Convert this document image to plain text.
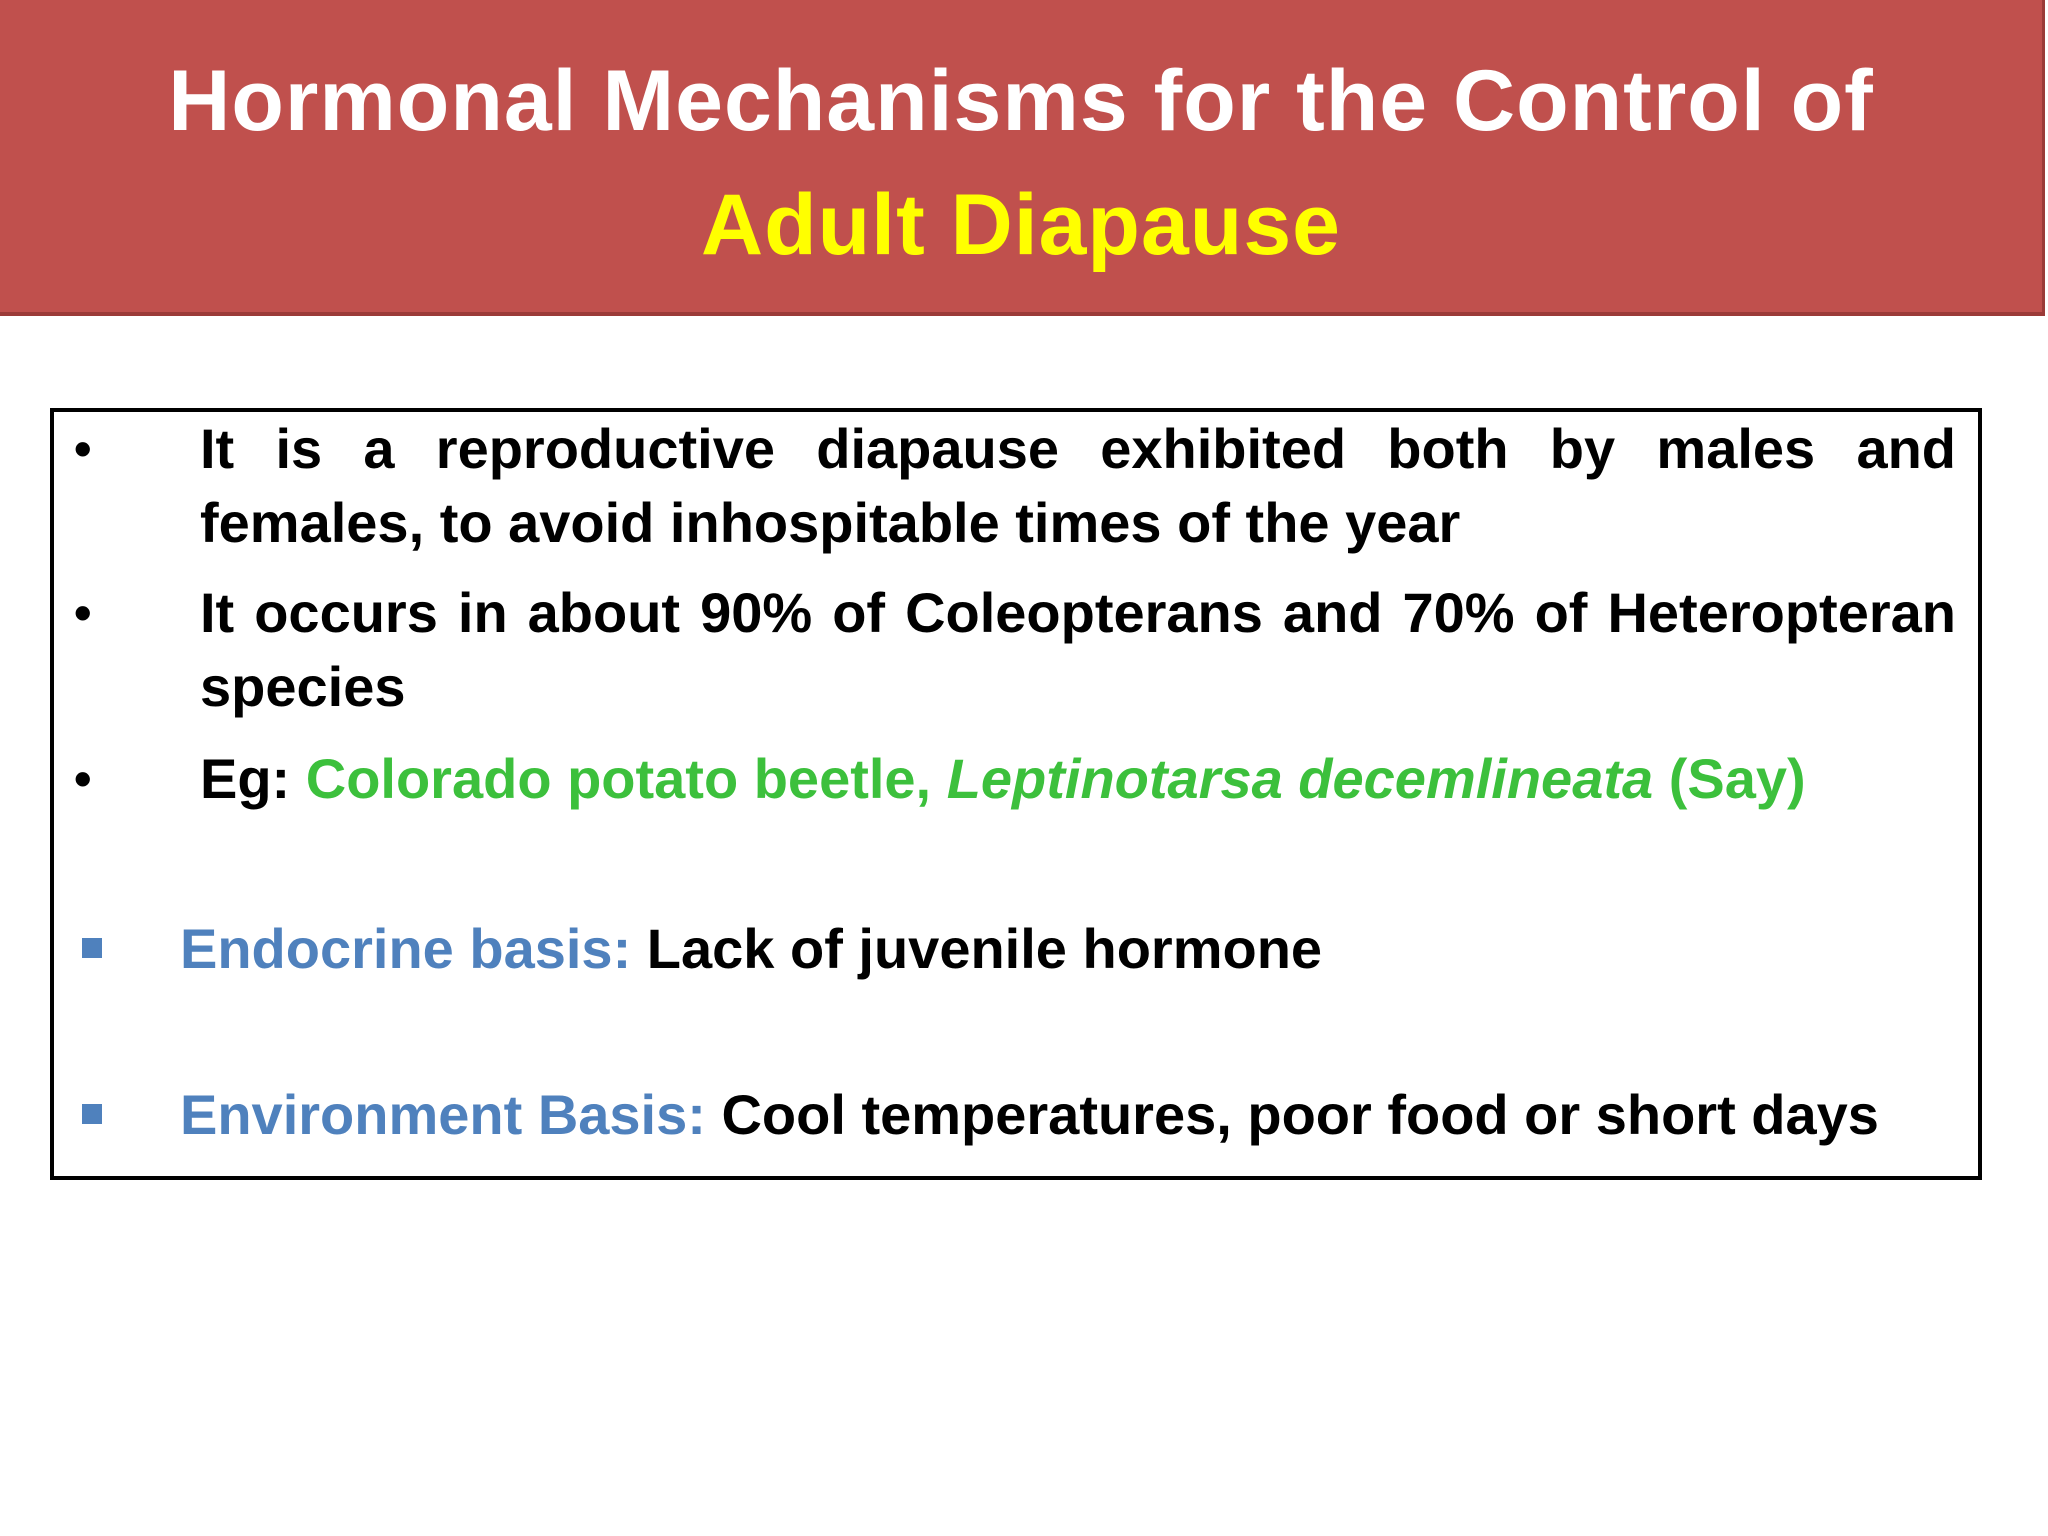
Hormonal Mechanisms for the Control of
Adult Diapause
• It is a reproductive diapause exhibited both by males and females, to avoid inhospitable times of the year
• It occurs in about 90% of Coleopterans and 70% of Heteropteran species
• Eg: Colorado potato beetle, Leptinotarsa decemlineata (Say)
Endocrine basis: Lack of juvenile hormone
Environment Basis: Cool temperatures, poor food or short days
